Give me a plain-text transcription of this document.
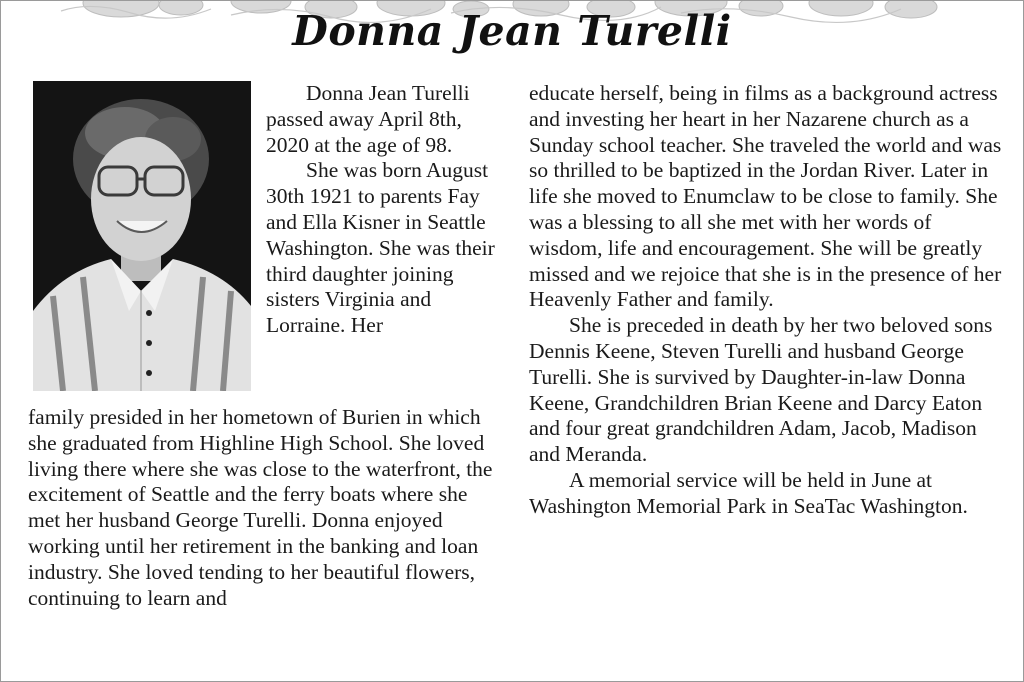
Donna Jean Turelli

Donna Jean Turelli passed away April 8th, 2020 at the age of 98.

She was born August 30th 1921 to parents Fay and Ella Kisner in Seattle Washington. She was their third daughter joining sisters Virginia and Lorraine. Her

family presided in her hometown of Burien in which she graduated from Highline High School. She loved living there where she was close to the waterfront, the excitement of Seattle and the ferry boats where she met her husband George Turelli. Donna enjoyed working until her retirement in the banking and loan industry. She loved tending to her beautiful flowers, continuing to learn and

educate herself, being in films as a background actress and investing her heart in her Nazarene church as a Sunday school teacher. She traveled the world and was so thrilled to be baptized in the Jordan River. Later in life she moved to Enumclaw to be close to family. She was a blessing to all she met with her words of wisdom, life and encouragement. She will be greatly missed and we rejoice that she is in the presence of her Heavenly Father and family.

She is preceded in death by her two beloved sons Dennis Keene, Steven Turelli and husband George Turelli. She is survived by Daughter-in-law Donna Keene, Grandchildren Brian Keene and Darcy Eaton and four great grandchildren Adam, Jacob, Madison and Meranda.

A memorial service will be held in June at Washington Memorial Park in SeaTac Washington.
